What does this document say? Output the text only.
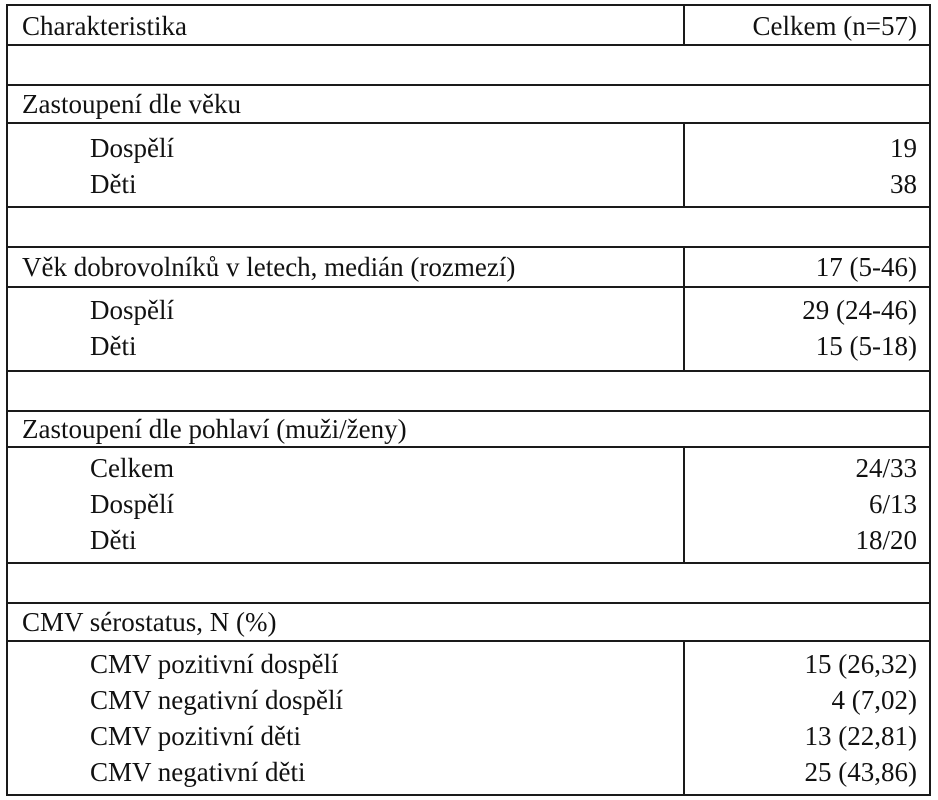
Charakteristika	Celkem (n=57)
Zastoupení dle věku
Dospělí
Děti
19
38
Věk dobrovolníků v letech, medián (rozmezí)	17 (5-46)
Dospělí
Děti
29 (24-46)
15 (5-18)
Zastoupení dle pohlaví (muži/ženy)
Celkem
Dospělí
Děti
24/33
6/13
18/20
CMV sérostatus, N (%)
CMV pozitivní dospělí
CMV negativní dospělí
CMV pozitivní děti
CMV negativní děti
15 (26,32)
4 (7,02)
13 (22,81)
25 (43,86)
